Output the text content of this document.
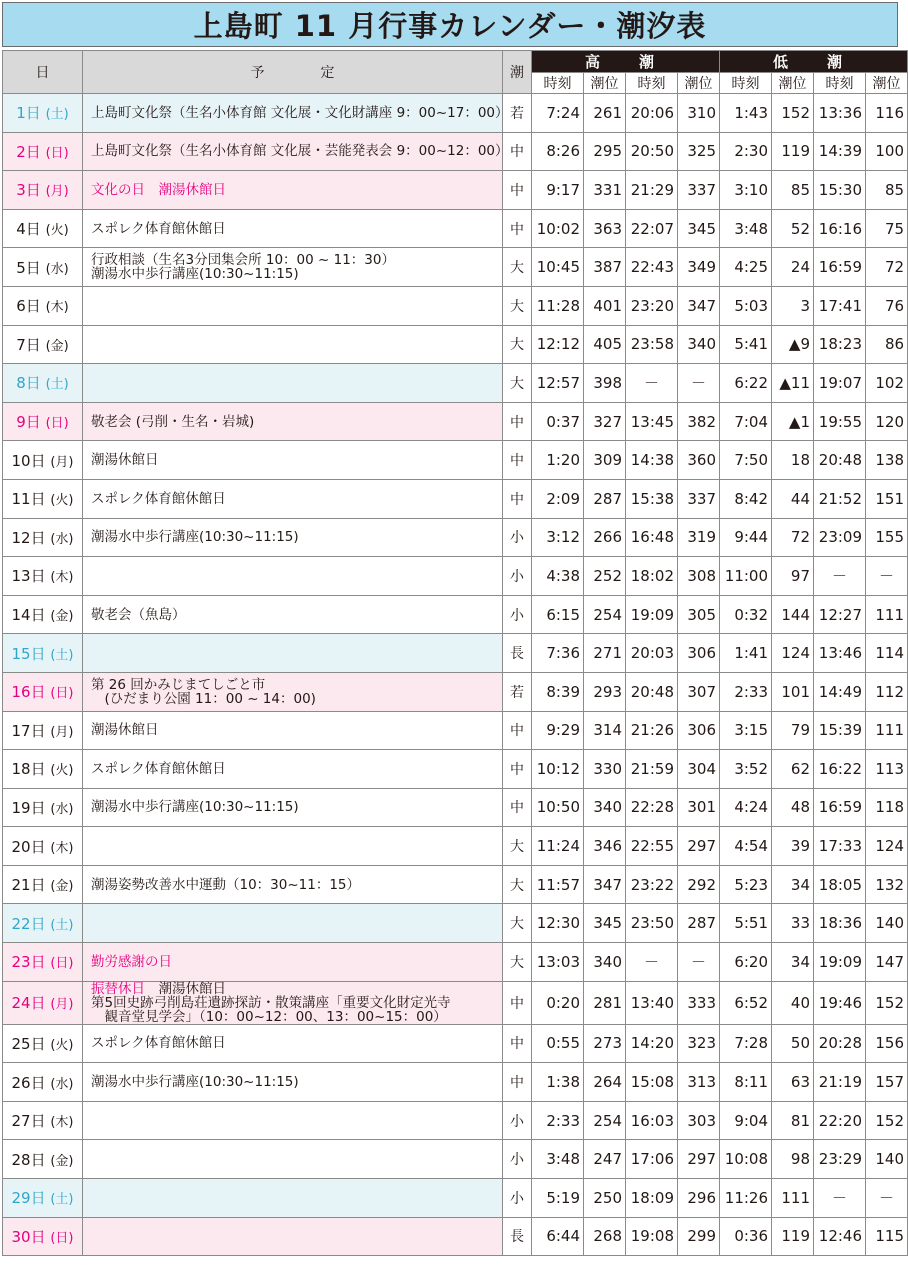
上島町 11 月行事カレンダー・潮汐表
日	予　　　　定	潮	高　潮				低　潮			
			時刻	潮位	時刻	潮位	時刻	潮位	時刻	潮位
1日 (土)	上島町文化祭（生名小体育館 文化展・文化財講座 9：00~17：00）	若	7:24	261	20:06	310	1:43	152	13:36	116
2日 (日)	上島町文化祭（生名小体育館 文化展・芸能発表会 9：00~12：00）	中	8:26	295	20:50	325	2:30	119	14:39	100
3日 (月)	文化の日　潮湯休館日	中	9:17	331	21:29	337	3:10	85	15:30	85
4日 (火)	スポレク体育館休館日	中	10:02	363	22:07	345	3:48	52	16:16	75
5日 (水)	行政相談（生名3分団集会所 10：00 ~ 11：30）
潮湯水中歩行講座(10:30~11:15)	大	10:45	387	22:43	349	4:25	24	16:59	72
6日 (木)		大	11:28	401	23:20	347	5:03	3	17:41	76
7日 (金)		大	12:12	405	23:58	340	5:41	▲9	18:23	86
8日 (土)		大	12:57	398	－	－	6:22	▲11	19:07	102
9日 (日)	敬老会 (弓削・生名・岩城)	中	0:37	327	13:45	382	7:04	▲1	19:55	120
10日 (月)	潮湯休館日	中	1:20	309	14:38	360	7:50	18	20:48	138
11日 (火)	スポレク体育館休館日	中	2:09	287	15:38	337	8:42	44	21:52	151
12日 (水)	潮湯水中歩行講座(10:30~11:15)	小	3:12	266	16:48	319	9:44	72	23:09	155
13日 (木)		小	4:38	252	18:02	308	11:00	97	－	－
14日 (金)	敬老会（魚島）	小	6:15	254	19:09	305	0:32	144	12:27	111
15日 (土)		長	7:36	271	20:03	306	1:41	124	13:46	114
16日 (日)	第 26 回かみじまてしごと市
　(ひだまり公園 11：00 ~ 14：00)	若	8:39	293	20:48	307	2:33	101	14:49	112
17日 (月)	潮湯休館日	中	9:29	314	21:26	306	3:15	79	15:39	111
18日 (火)	スポレク体育館休館日	中	10:12	330	21:59	304	3:52	62	16:22	113
19日 (水)	潮湯水中歩行講座(10:30~11:15)	中	10:50	340	22:28	301	4:24	48	16:59	118
20日 (木)		大	11:24	346	22:55	297	4:54	39	17:33	124
21日 (金)	潮湯姿勢改善水中運動（10：30~11：15）	大	11:57	347	23:22	292	5:23	34	18:05	132
22日 (土)		大	12:30	345	23:50	287	5:51	33	18:36	140
23日 (日)	勤労感謝の日	大	13:03	340	－	－	6:20	34	19:09	147
24日 (月)	振替休日　潮湯休館日
第5回史跡弓削島荘遺跡探訪・散策講座「重要文化財定光寺
　観音堂見学会」（10：00~12：00、13：00~15：00）	中	0:20	281	13:40	333	6:52	40	19:46	152
25日 (火)	スポレク体育館休館日	中	0:55	273	14:20	323	7:28	50	20:28	156
26日 (水)	潮湯水中歩行講座(10:30~11:15)	中	1:38	264	15:08	313	8:11	63	21:19	157
27日 (木)		小	2:33	254	16:03	303	9:04	81	22:20	152
28日 (金)		小	3:48	247	17:06	297	10:08	98	23:29	140
29日 (土)		小	5:19	250	18:09	296	11:26	111	－	－
30日 (日)		長	6:44	268	19:08	299	0:36	119	12:46	115
